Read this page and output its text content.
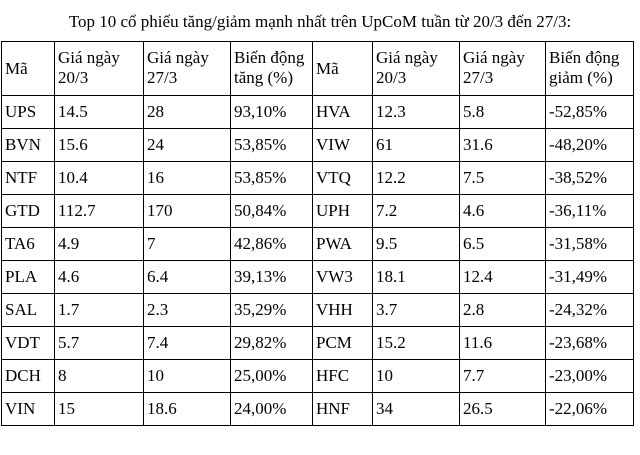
Top 10 cổ phiếu tăng/giảm mạnh nhất trên UpCoM tuần từ 20/3 đến 27/3:
Mã	Giá ngày 20/3	Giá ngày 27/3	Biến động tăng (%)	Mã	Giá ngày 20/3	Giá ngày 27/3	Biến động giảm (%)
UPS	14.5	28	93,10%	HVA	12.3	5.8	-52,85%
BVN	15.6	24	53,85%	VIW	61	31.6	-48,20%
NTF	10.4	16	53,85%	VTQ	12.2	7.5	-38,52%
GTD	112.7	170	50,84%	UPH	7.2	4.6	-36,11%
TA6	4.9	7	42,86%	PWA	9.5	6.5	-31,58%
PLA	4.6	6.4	39,13%	VW3	18.1	12.4	-31,49%
SAL	1.7	2.3	35,29%	VHH	3.7	2.8	-24,32%
VDT	5.7	7.4	29,82%	PCM	15.2	11.6	-23,68%
DCH	8	10	25,00%	HFC	10	7.7	-23,00%
VIN	15	18.6	24,00%	HNF	34	26.5	-22,06%
